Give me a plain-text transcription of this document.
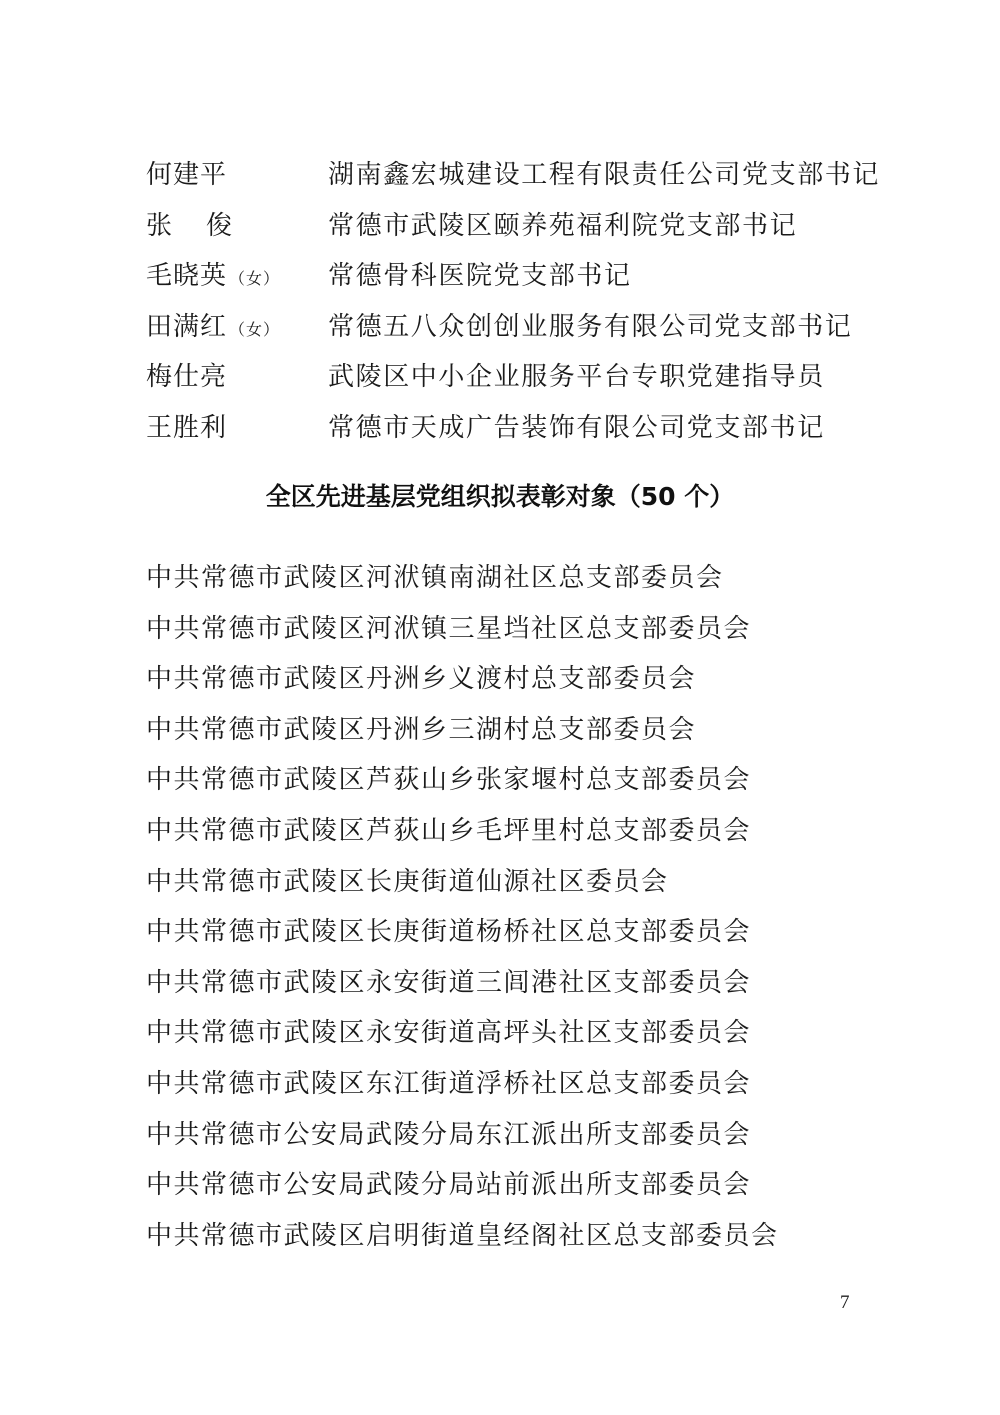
何建平	湖南鑫宏城建设工程有限责任公司党支部书记
张俊 常德市武陵区颐养苑福利院党支部书记
毛晓英 （女） 常德骨科医院党支部书记
田满红 （女） 常德五八众创创业服务有限公司党支部书记
梅仕亮	武陵区中小企业服务平台专职党建指导员
王胜利	常德市天成广告装饰有限公司党支部书记
全区先进基层党组织拟表彰对象（50 个）
中共常德市武陵区河洑镇南湖社区总支部委员会
中共常德市武陵区河洑镇三星垱社区总支部委员会
中共常德市武陵区丹洲乡义渡村总支部委员会
中共常德市武陵区丹洲乡三湖村总支部委员会
中共常德市武陵区芦荻山乡张家堰村总支部委员会
中共常德市武陵区芦荻山乡毛坪里村总支部委员会
中共常德市武陵区长庚街道仙源社区委员会
中共常德市武陵区长庚街道杨桥社区总支部委员会
中共常德市武陵区永安街道三闾港社区支部委员会
中共常德市武陵区永安街道高坪头社区支部委员会
中共常德市武陵区东江街道浮桥社区总支部委员会
中共常德市公安局武陵分局东江派出所支部委员会
中共常德市公安局武陵分局站前派出所支部委员会
中共常德市武陵区启明街道皇经阁社区总支部委员会
7
